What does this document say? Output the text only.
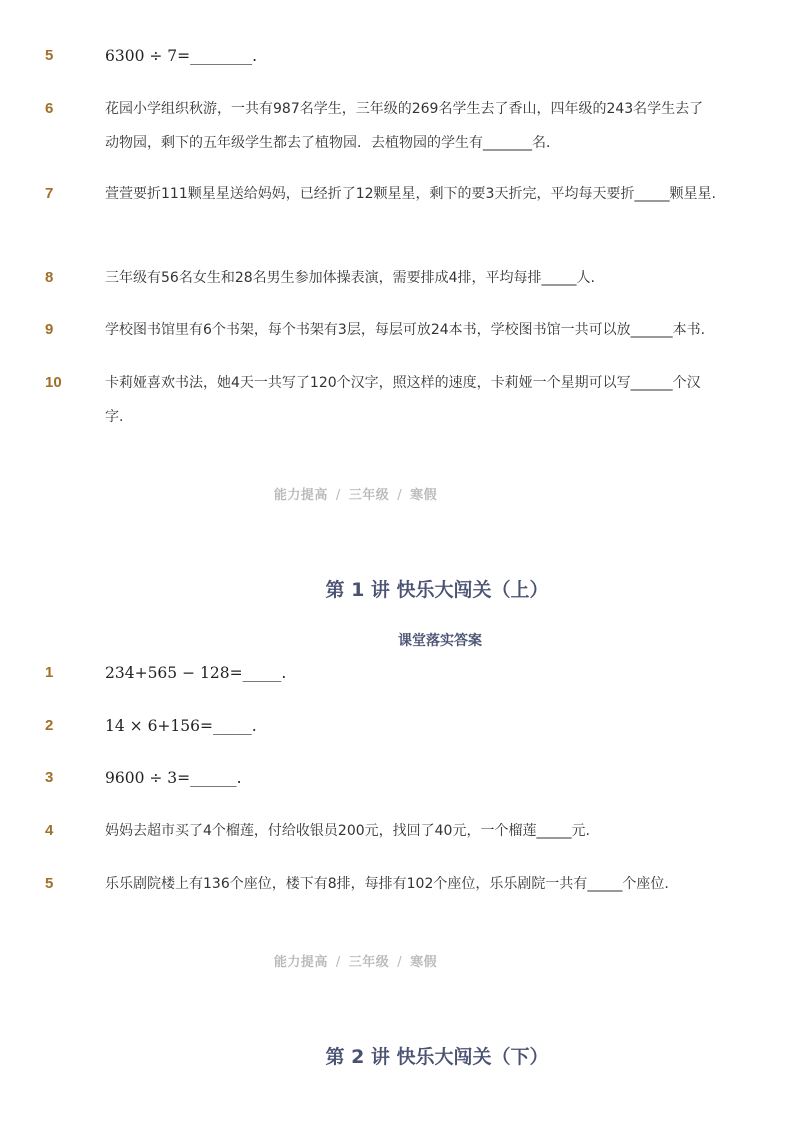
5	6300 ÷ 7=________.
6	花园小学组织秋游，一共有987名学生，三年级的269名学生去了香山，四年级的243名学生去了动物园，剩下的五年级学生都去了植物园．去植物园的学生有_______名．
7	萱萱要折111颗星星送给妈妈，已经折了12颗星星，剩下的要3天折完，平均每天要折_____颗星星.
8	三年级有56名女生和28名男生参加体操表演，需要排成4排，平均每排_____人.
9	学校图书馆里有6个书架，每个书架有3层，每层可放24本书，学校图书馆一共可以放______本书.
10	卡莉娅喜欢书法，她4天一共写了120个汉字，照这样的速度，卡莉娅一个星期可以写______个汉字.
能力提高 / 三年级 / 寒假
第 1 讲 快乐大闯关（上）
课堂落实答案
1	234+565 − 128=_____.
2	14 × 6+156=_____.
3	9600 ÷ 3=______.
4	妈妈去超市买了4个榴莲，付给收银员200元，找回了40元，一个榴莲_____元.
5	乐乐剧院楼上有136个座位，楼下有8排，每排有102个座位，乐乐剧院一共有_____个座位.
能力提高 / 三年级 / 寒假
第 2 讲 快乐大闯关（下）
